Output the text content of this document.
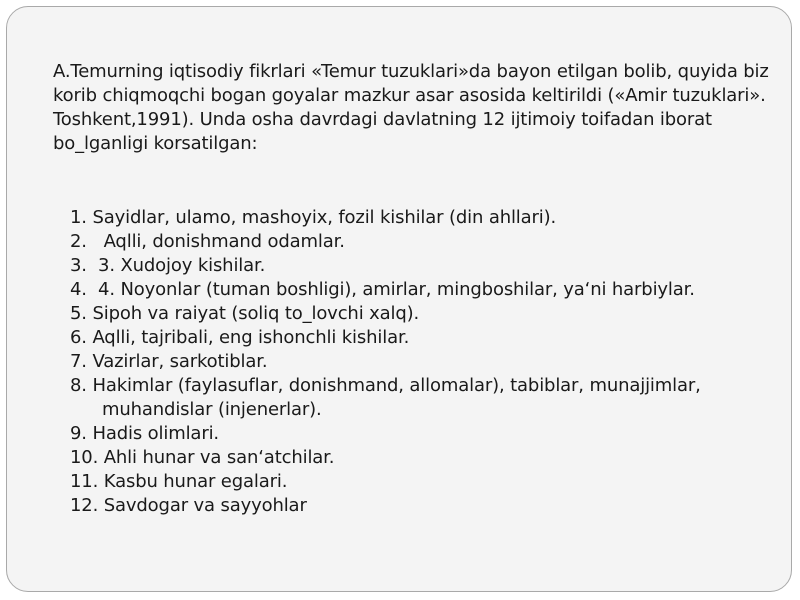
A.Temurning iqtisodiy fikrlari «Temur tuzuklari»da bayon etilgan bolib, quyida biz korib chiqmoqchi bogan goyalar mazkur asar asosida keltirildi («Amir tuzuklari». Toshkent,1991). Unda osha davrdagi davlatning 12 ijtimoiy toifadan iborat bo_lganligi korsatilgan:

1. Sayidlar, ulamo, mashoyix, fozil kishilar (din ahllari).
2.   Aqlli, donishmand odamlar.
3.  3. Xudojoy kishilar.
4.  4. Noyonlar (tuman boshligi), amirlar, mingboshilar, ya‘ni harbiylar.
5. Sipoh va raiyat (soliq to_lovchi xalq).
6. Aqlli, tajribali, eng ishonchli kishilar.
7. Vazirlar, sarkotiblar.
8. Hakimlar (faylasuflar, donishmand, allomalar), tabiblar, munajjimlar,
muhandislar (injenerlar).
9. Hadis olimlari.
10. Ahli hunar va san‘atchilar.
11. Kasbu hunar egalari.
12. Savdogar va sayyohlar
